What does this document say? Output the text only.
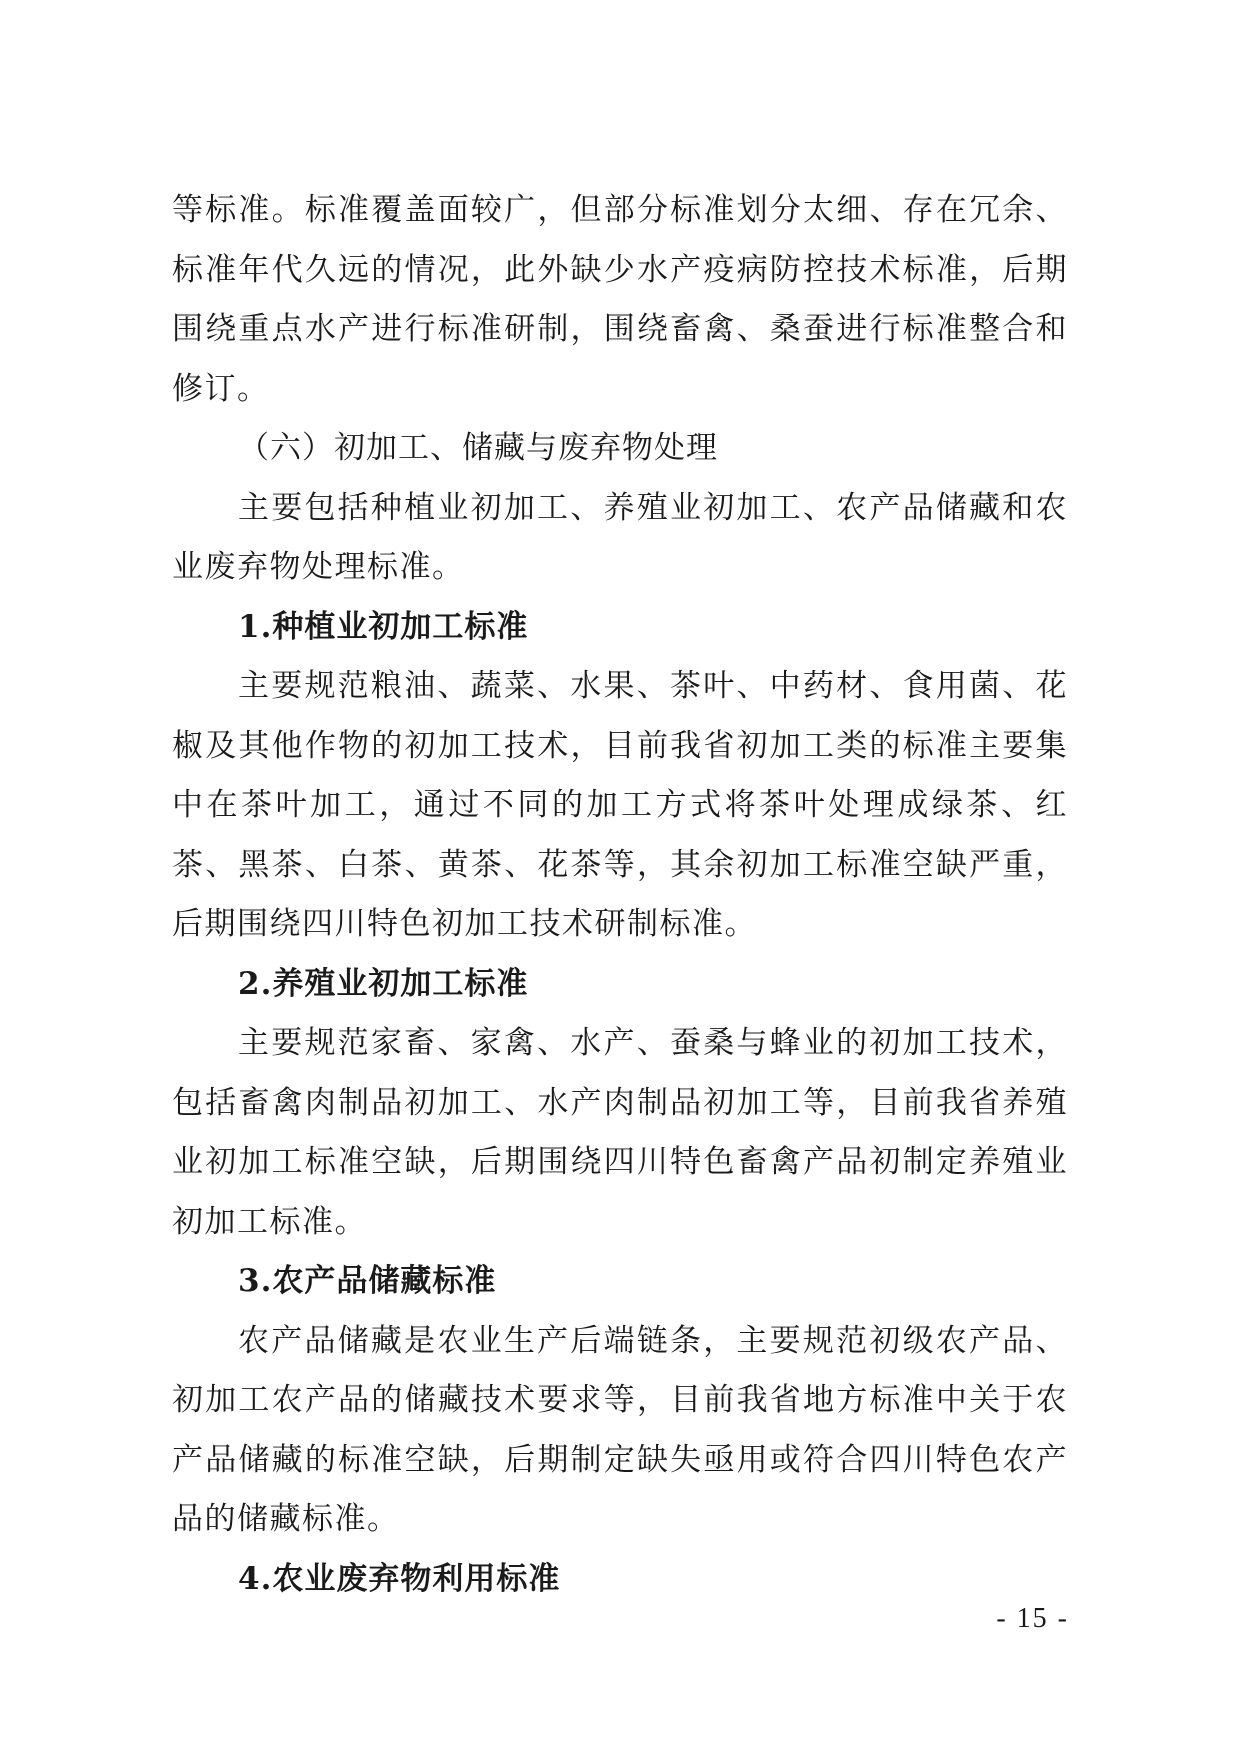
等标准。标准覆盖面较广，但部分标准划分太细、存在冗余、标准年代久远的情况，此外缺少水产疫病防控技术标准，后期围绕重点水产进行标准研制，围绕畜禽、桑蚕进行标准整合和修订。

（六）初加工、储藏与废弃物处理

主要包括种植业初加工、养殖业初加工、农产品储藏和农业废弃物处理标准。

1.种植业初加工标准

主要规范粮油、蔬菜、水果、茶叶、中药材、食用菌、花椒及其他作物的初加工技术，目前我省初加工类的标准主要集中在茶叶加工，通过不同的加工方式将茶叶处理成绿茶、红茶、黑茶、白茶、黄茶、花茶等，其余初加工标准空缺严重，后期围绕四川特色初加工技术研制标准。

2.养殖业初加工标准

主要规范家畜、家禽、水产、蚕桑与蜂业的初加工技术，包括畜禽肉制品初加工、水产肉制品初加工等，目前我省养殖业初加工标准空缺，后期围绕四川特色畜禽产品初制定养殖业初加工标准。

3.农产品储藏标准

农产品储藏是农业生产后端链条，主要规范初级农产品、初加工农产品的储藏技术要求等，目前我省地方标准中关于农产品储藏的标准空缺，后期制定缺失亟用或符合四川特色农产品的储藏标准。

4.农业废弃物利用标准

- 15 -
